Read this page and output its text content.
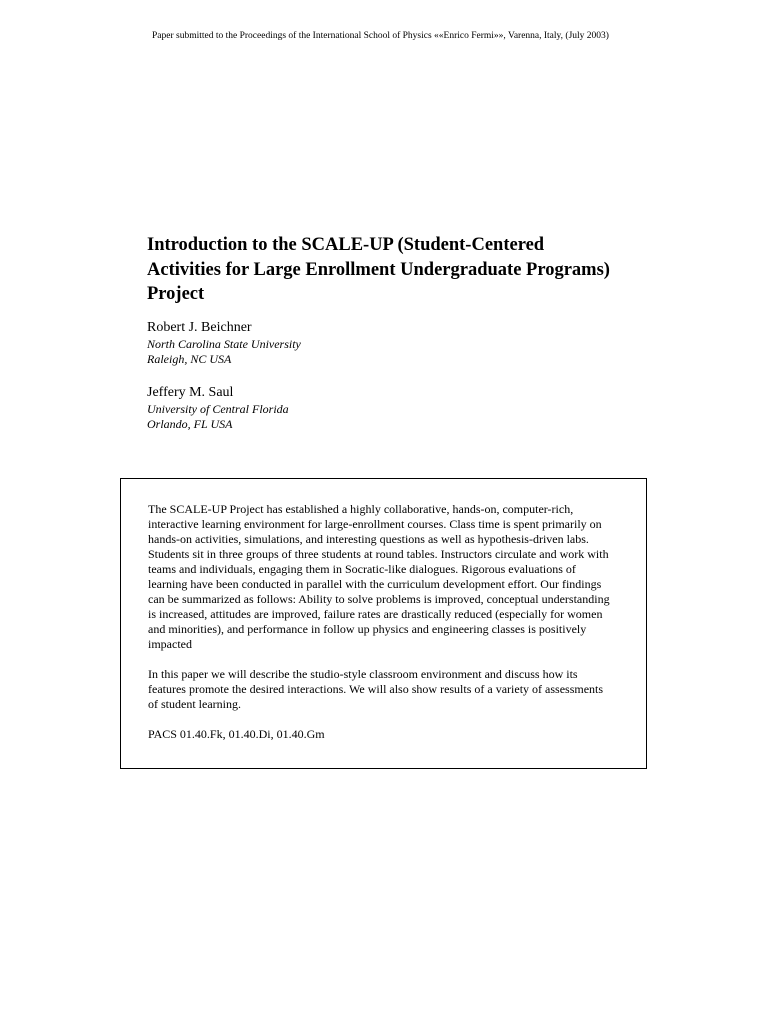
Paper submitted to the Proceedings of the International School of Physics ««Enrico Fermi»», Varenna, Italy, (July 2003)
Introduction to the SCALE-UP (Student-Centered Activities for Large Enrollment Undergraduate Programs) Project
Robert J. Beichner
North Carolina State University
Raleigh, NC USA
Jeffery M. Saul
University of Central Florida
Orlando, FL USA

The SCALE-UP Project has established a highly collaborative, hands-on, computer-rich, interactive learning environment for large-enrollment courses. Class time is spent primarily on hands-on activities, simulations, and interesting questions as well as hypothesis-driven labs. Students sit in three groups of three students at round tables. Instructors circulate and work with teams and individuals, engaging them in Socratic-like dialogues. Rigorous evaluations of learning have been conducted in parallel with the curriculum development effort. Our findings can be summarized as follows: Ability to solve problems is improved, conceptual understanding is increased, attitudes are improved, failure rates are drastically reduced (especially for women and minorities), and performance in follow up physics and engineering classes is positively impacted

In this paper we will describe the studio-style classroom environment and discuss how its features promote the desired interactions. We will also show results of a variety of assessments of student learning.

PACS 01.40.Fk, 01.40.Di, 01.40.Gm
